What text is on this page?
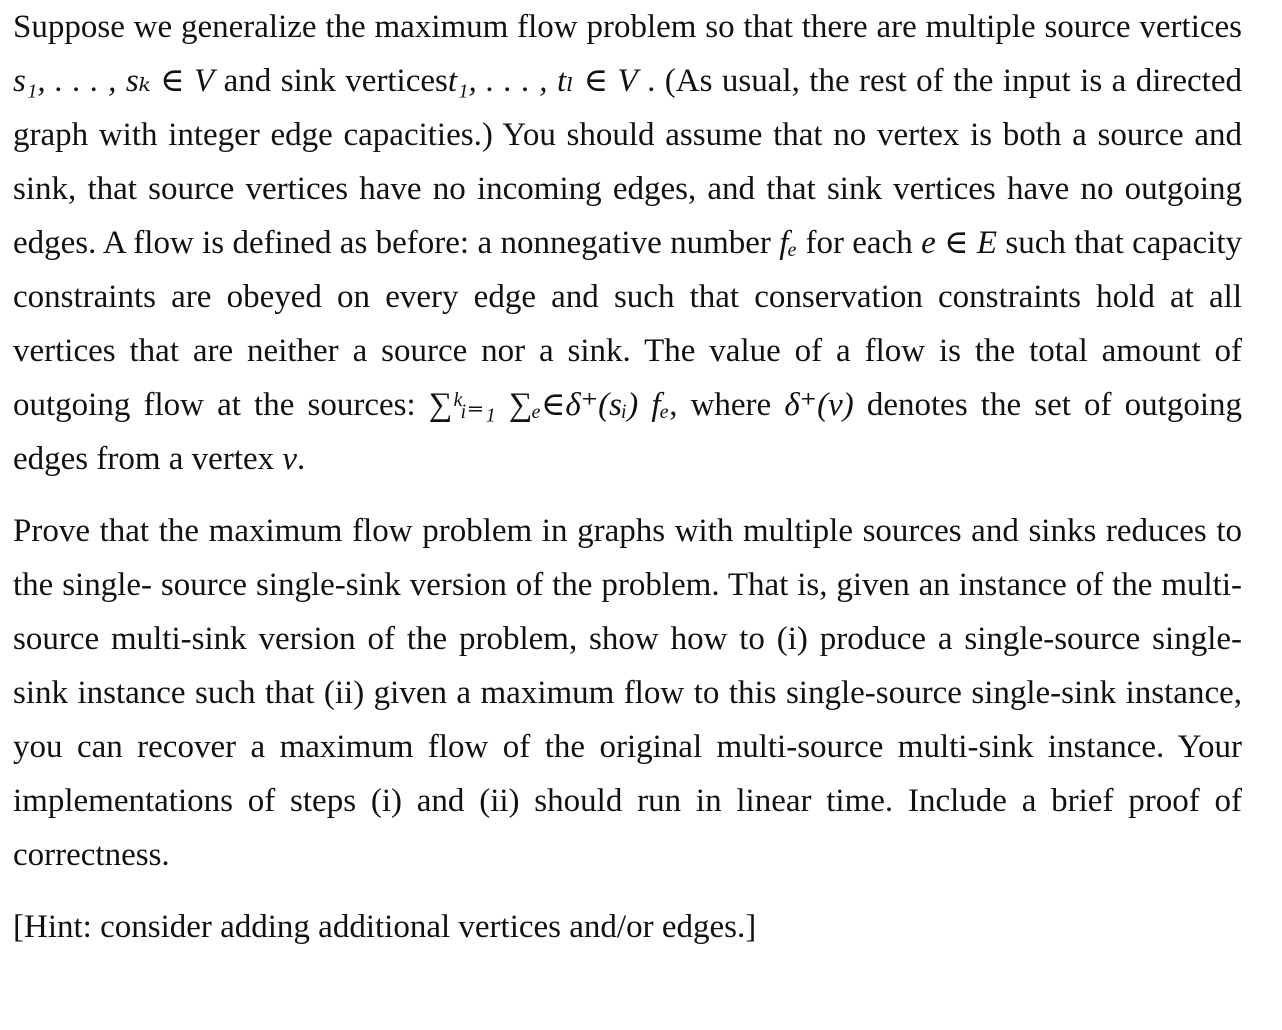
Suppose we generalize the maximum flow problem so that there are multiple source vertices s₁, . . . , sₖ ∈ V and sink verticest₁, . . . , tₗ ∈ V . (As usual, the rest of the input is a directed graph with integer edge capacities.) You should assume that no vertex is both a source and sink, that source vertices have no incoming edges, and that sink vertices have no outgoing edges. A flow is defined as before: a nonnegative number fₑ for each e ∈ E such that capacity constraints are obeyed on every edge and such that conservation constraints hold at all vertices that are neither a source nor a sink. The value of a flow is the total amount of outgoing flow at the sources: ∑ᵏᵢ₌₁ ∑ₑ∈δ⁺(sᵢ) fₑ, where δ⁺(v) denotes the set of outgoing edges from a vertex v.

Prove that the maximum flow problem in graphs with multiple sources and sinks reduces to the single- source single-sink version of the problem. That is, given an instance of the multi-source multi-sink version of the problem, show how to (i) produce a single-source single-sink instance such that (ii) given a maximum flow to this single-source single-sink instance, you can recover a maximum flow of the original multi-source multi-sink instance. Your implementations of steps (i) and (ii) should run in linear time. Include a brief proof of correctness.

[Hint: consider adding additional vertices and/or edges.]
